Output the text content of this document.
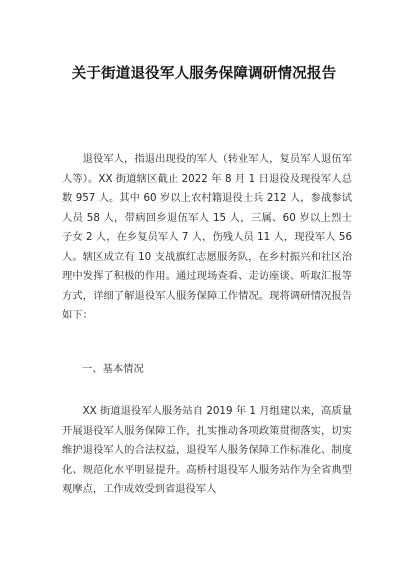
关于街道退役军人服务保障调研情况报告

退役军人，指退出现役的军人（转业军人，复员军人退伍军人等）。XX 街道辖区截止 2022 年 8 月 1 日退役及现役军人总数 957 人。其中 60 岁以上农村籍退役士兵 212 人，参战参试人员 58 人，带病回乡退伍军人 15 人，三属、60 岁以上烈士子女 2 人，在乡复员军人 7 人，伤残人员 11 人，现役军人 56 人。辖区成立有 10 支战旗红志愿服务队，在乡村振兴和社区治理中发挥了积极的作用。通过现场查看、走访座谈、听取汇报等方式，详细了解退役军人服务保障工作情况。现将调研情况报告如下：

一、基本情况

XX 街道退役军人服务站自 2019 年 1 月组建以来，高质量开展退役军人服务保障工作，扎实推动各项政策贯彻落实，切实维护退役军人的合法权益，退役军人服务保障工作标准化、制度化、规范化水平明显提升。高桥村退役军人服务站作为全省典型观摩点，工作成效受到省退役军人
